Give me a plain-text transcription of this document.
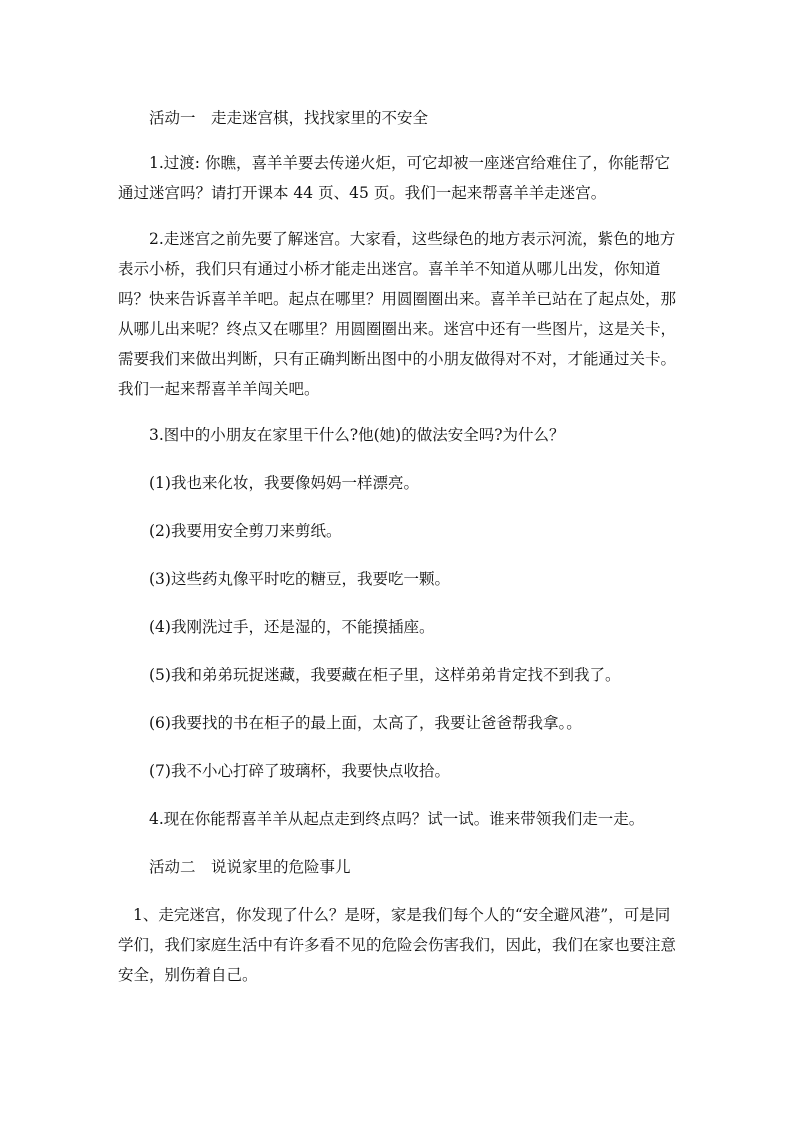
活动一　走走迷宫棋，找找家里的不安全

1.过渡: 你瞧，喜羊羊要去传递火炬，可它却被一座迷宫给难住了，你能帮它通过迷宫吗？请打开课本 44 页、45 页。我们一起来帮喜羊羊走迷宫。

2.走迷宫之前先要了解迷宫。大家看，这些绿色的地方表示河流，紫色的地方表示小桥，我们只有通过小桥才能走出迷宫。喜羊羊不知道从哪儿出发，你知道吗？快来告诉喜羊羊吧。起点在哪里？用圆圈圈出来。喜羊羊已站在了起点处，那从哪儿出来呢？终点又在哪里？用圆圈圈出来。迷宫中还有一些图片，这是关卡，需要我们来做出判断，只有正确判断出图中的小朋友做得对不对，才能通过关卡。我们一起来帮喜羊羊闯关吧。

3.图中的小朋友在家里干什么?他(她)的做法安全吗?为什么？

(1)我也来化妆，我要像妈妈一样漂亮。

(2)我要用安全剪刀来剪纸。

(3)这些药丸像平时吃的糖豆，我要吃一颗。

(4)我刚洗过手，还是湿的，不能摸插座。

(5)我和弟弟玩捉迷藏，我要藏在柜子里，这样弟弟肯定找不到我了。

(6)我要找的书在柜子的最上面，太高了，我要让爸爸帮我拿。。

(7)我不小心打碎了玻璃杯，我要快点收拾。

4.现在你能帮喜羊羊从起点走到终点吗？试一试。谁来带领我们走一走。

活动二　说说家里的危险事儿

1、走完迷宫，你发现了什么？是呀，家是我们每个人的“安全避风港”，可是同学们，我们家庭生活中有许多看不见的危险会伤害我们，因此，我们在家也要注意安全，别伤着自己。
